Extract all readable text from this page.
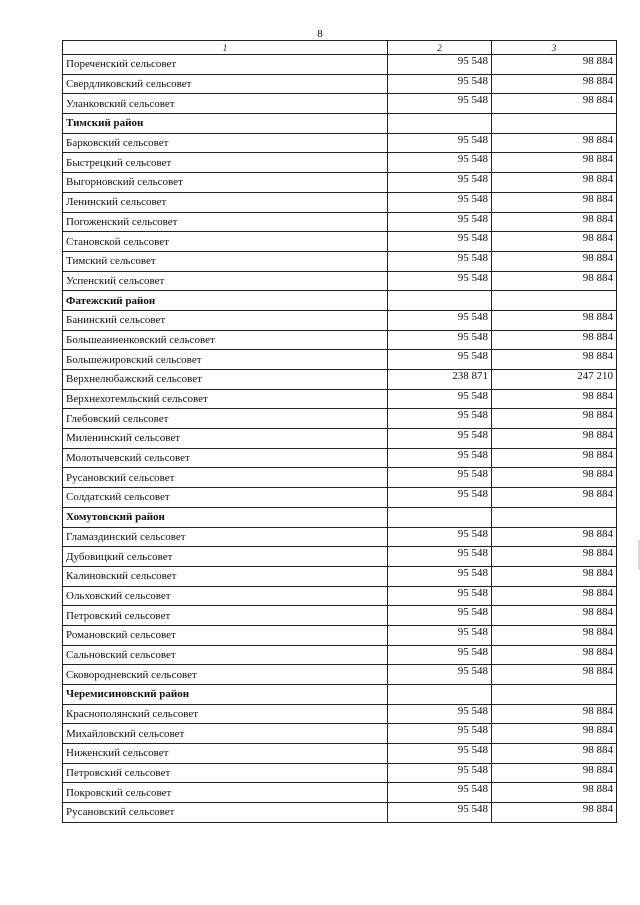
8
1	2	3
Пореченский сельсовет	95 548	98 884
Свердликовский сельсовет	95 548	98 884
Уланковский сельсовет	95 548	98 884
Тимский район		
Барковский сельсовет	95 548	98 884
Быстрецкий сельсовет	95 548	98 884
Выгорновский сельсовет	95 548	98 884
Ленинский сельсовет	95 548	98 884
Погоженский сельсовет	95 548	98 884
Становской сельсовет	95 548	98 884
Тимский сельсовет	95 548	98 884
Успенский сельсовет	95 548	98 884
Фатежский район		
Банинский сельсовет	95 548	98 884
Большеанненковский сельсовет	95 548	98 884
Большежировский сельсовет	95 548	98 884
Верхнелюбажский сельсовет	238 871	247 210
Верхнехотемльский сельсовет	95 548	98 884
Глебовский сельсовет	95 548	98 884
Миленинский сельсовет	95 548	98 884
Молотычевский сельсовет	95 548	98 884
Русановский сельсовет	95 548	98 884
Солдатский сельсовет	95 548	98 884
Хомутовский район		
Гламаздинский сельсовет	95 548	98 884
Дубовицкий сельсовет	95 548	98 884
Калиновский сельсовет	95 548	98 884
Ольховский сельсовет	95 548	98 884
Петровский сельсовет	95 548	98 884
Романовский сельсовет	95 548	98 884
Сальновский сельсовет	95 548	98 884
Сковородневский сельсовет	95 548	98 884
Черемисиновский район		
Краснополянский сельсовет	95 548	98 884
Михайловский сельсовет	95 548	98 884
Ниженский сельсовет	95 548	98 884
Петровский сельсовет	95 548	98 884
Покровский сельсовет	95 548	98 884
Русановский сельсовет	95 548	98 884
